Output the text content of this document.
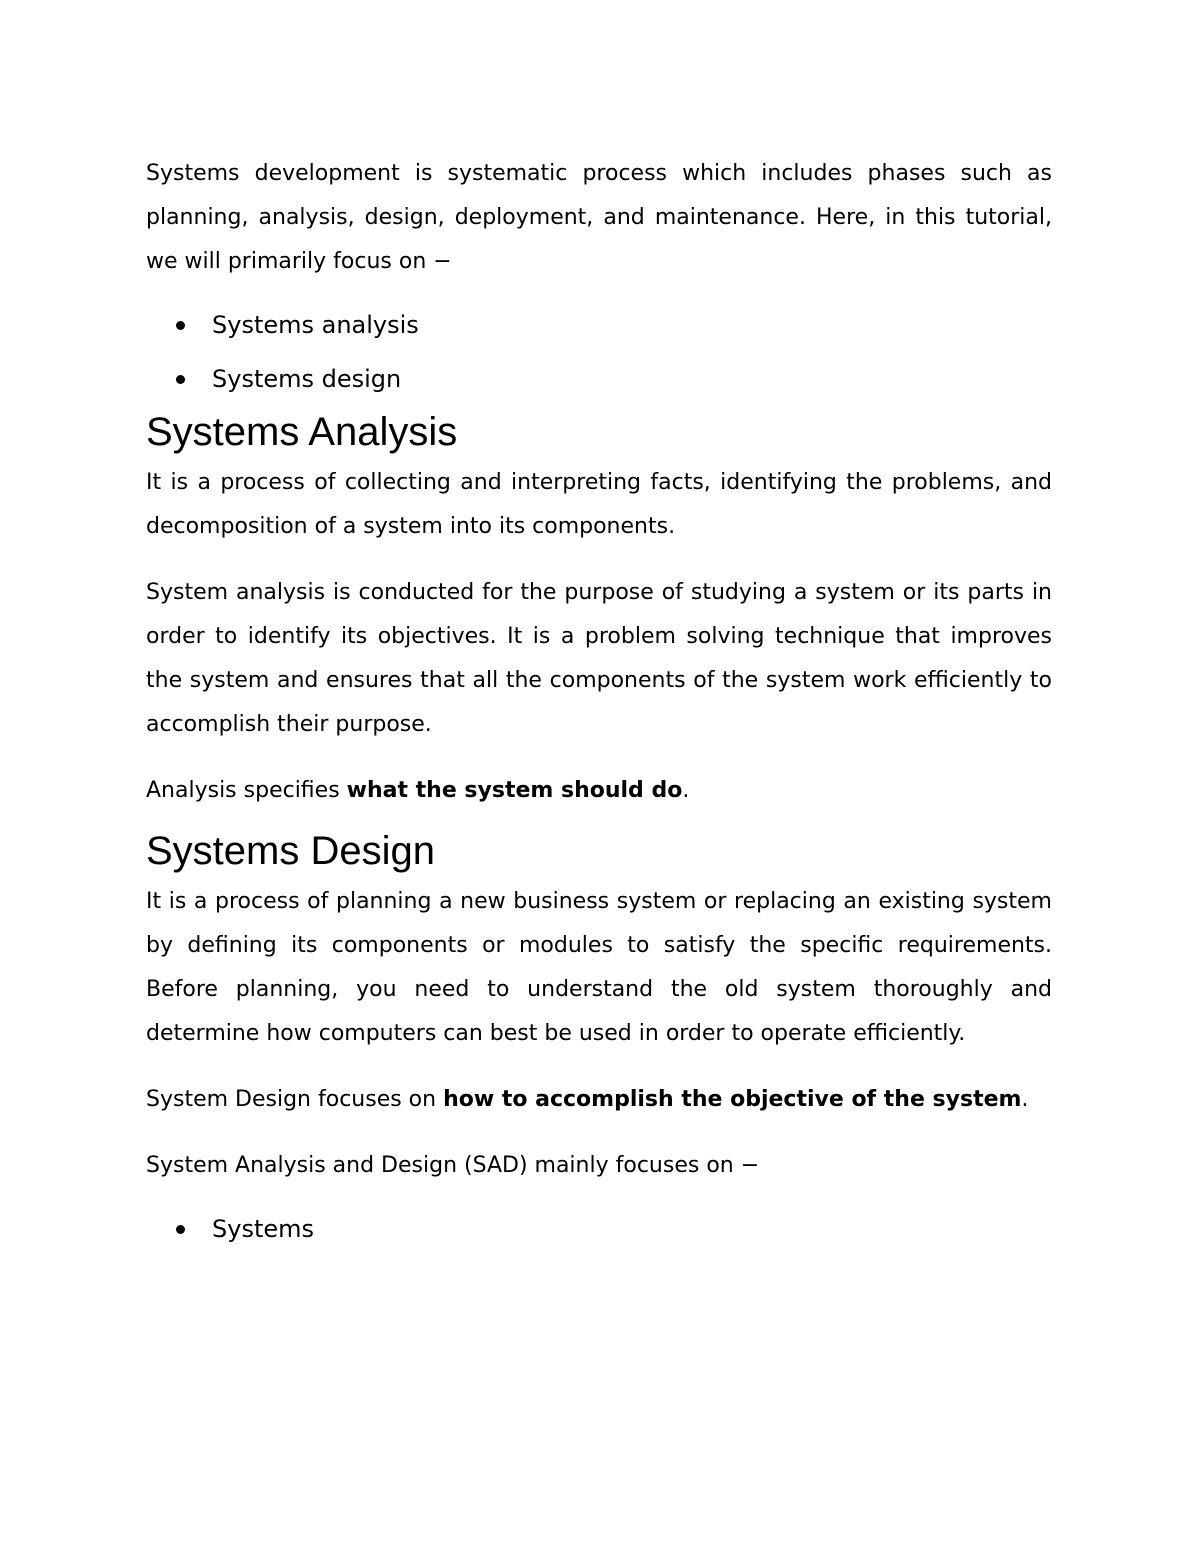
Systems development is systematic process which includes phases such as planning, analysis, design, deployment, and maintenance. Here, in this tutorial, we will primarily focus on −

Systems analysis
Systems design
Systems Analysis

It is a process of collecting and interpreting facts, identifying the problems, and decomposition of a system into its components.

System analysis is conducted for the purpose of studying a system or its parts in order to identify its objectives. It is a problem solving technique that improves the system and ensures that all the components of the system work efficiently to accomplish their purpose.

Analysis specifies what the system should do.

Systems Design

It is a process of planning a new business system or replacing an existing system by defining its components or modules to satisfy the specific requirements. Before planning, you need to understand the old system thoroughly and determine how computers can best be used in order to operate efficiently.

System Design focuses on how to accomplish the objective of the system.

System Analysis and Design (SAD) mainly focuses on −

Systems
